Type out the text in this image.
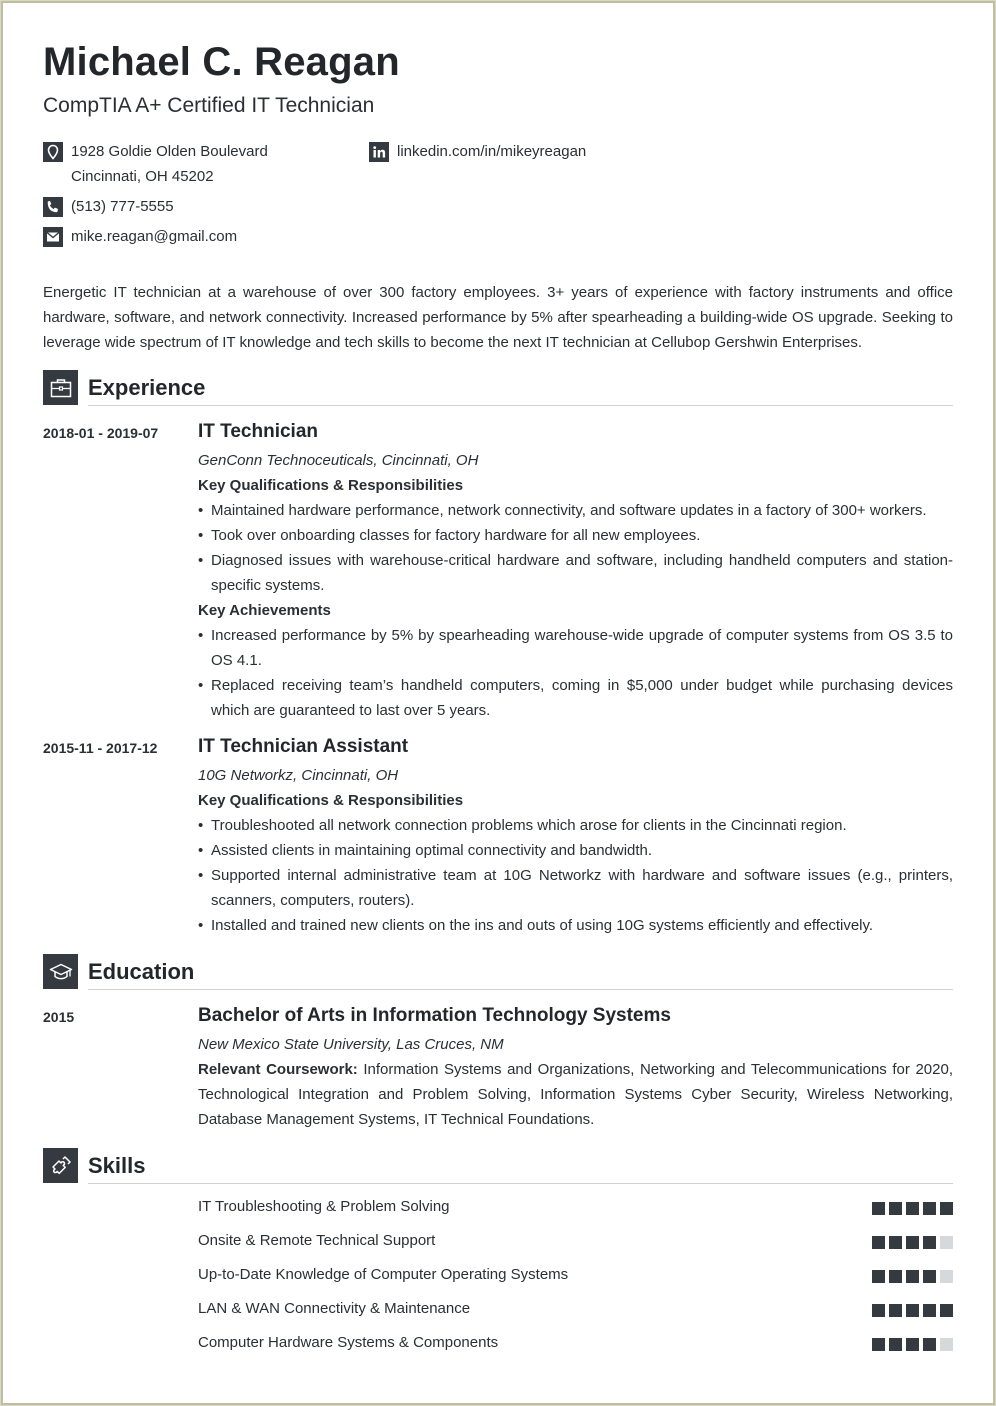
Michael C. Reagan
CompTIA A+ Certified IT Technician
1928 Goldie Olden Boulevard
Cincinnati, OH 45202
(513) 777-5555
mike.reagan@gmail.com
linkedin.com/in/mikeyreagan
Energetic IT technician at a warehouse of over 300 factory employees. 3+ years of experience with factory instruments and office hardware, software, and network connectivity. Increased performance by 5% after spearheading a building-wide OS upgrade. Seeking to leverage wide spectrum of IT knowledge and tech skills to become the next IT technician at Cellubop Gershwin Enterprises.
Experience
2018-01 - 2019-07 IT Technician
GenConn Technoceuticals, Cincinnati, OH
Key Qualifications & Responsibilities
• Maintained hardware performance, network connectivity, and software updates in a factory of 300+ workers.
• Took over onboarding classes for factory hardware for all new employees.
• Diagnosed issues with warehouse-critical hardware and software, including handheld computers and station-specific systems.
Key Achievements
• Increased performance by 5% by spearheading warehouse-wide upgrade of computer systems from OS 3.5 to OS 4.1.
• Replaced receiving team’s handheld computers, coming in $5,000 under budget while purchasing devices which are guaranteed to last over 5 years.
2015-11 - 2017-12 IT Technician Assistant
10G Networkz, Cincinnati, OH
Key Qualifications & Responsibilities
• Troubleshooted all network connection problems which arose for clients in the Cincinnati region.
• Assisted clients in maintaining optimal connectivity and bandwidth.
• Supported internal administrative team at 10G Networkz with hardware and software issues (e.g., printers, scanners, computers, routers).
• Installed and trained new clients on the ins and outs of using 10G systems efficiently and effectively.
Education
2015	Bachelor of Arts in Information Technology Systems
New Mexico State University, Las Cruces, NM
Relevant Coursework: Information Systems and Organizations, Networking and Telecommunications for 2020, Technological Integration and Problem Solving, Information Systems Cyber Security, Wireless Networking, Database Management Systems, IT Technical Foundations.
Skills
IT Troubleshooting & Problem Solving
Onsite & Remote Technical Support
Up-to-Date Knowledge of Computer Operating Systems
LAN & WAN Connectivity & Maintenance
Computer Hardware Systems & Components
